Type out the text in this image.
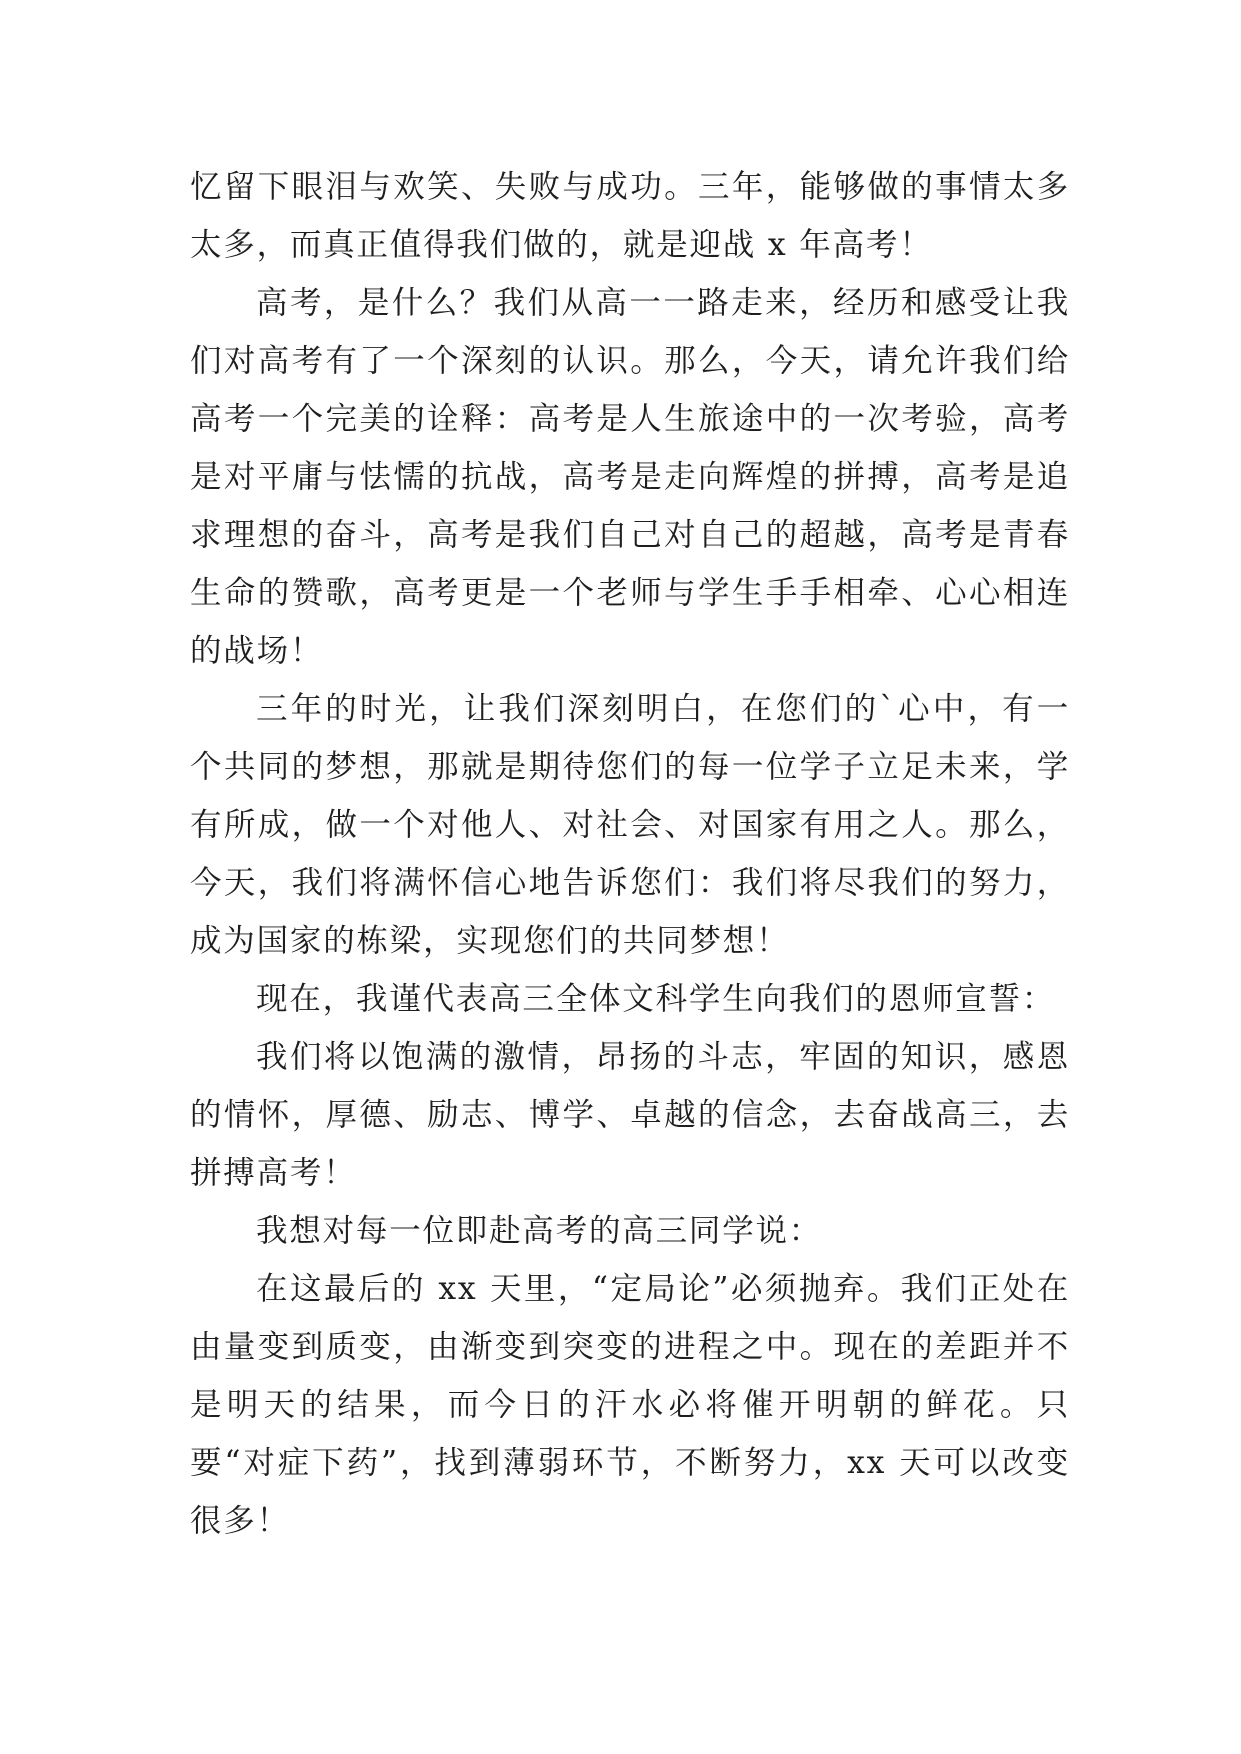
忆留下眼泪与欢笑、失败与成功。三年，能够做的事情太多太多，而真正值得我们做的，就是迎战 x 年高考！

高考，是什么？我们从高一一路走来，经历和感受让我们对高考有了一个深刻的认识。那么，今天，请允许我们给高考一个完美的诠释：高考是人生旅途中的一次考验，高考是对平庸与怯懦的抗战，高考是走向辉煌的拼搏，高考是追求理想的奋斗，高考是我们自己对自己的超越，高考是青春生命的赞歌，高考更是一个老师与学生手手相牵、心心相连的战场！

三年的时光，让我们深刻明白，在您们的`心中，有一个共同的梦想，那就是期待您们的每一位学子立足未来，学有所成，做一个对他人、对社会、对国家有用之人。那么，今天，我们将满怀信心地告诉您们：我们将尽我们的努力，成为国家的栋梁，实现您们的共同梦想！

现在，我谨代表高三全体文科学生向我们的恩师宣誓：

我们将以饱满的激情，昂扬的斗志，牢固的知识，感恩的情怀，厚德、励志、博学、卓越的信念，去奋战高三，去拼搏高考！

我想对每一位即赴高考的高三同学说：

在这最后的 xx 天里，“定局论”必须抛弃。我们正处在由量变到质变，由渐变到突变的进程之中。现在的差距并不是明天的结果，而今日的汗水必将催开明朝的鲜花。只要“对症下药”，找到薄弱环节，不断努力，xx 天可以改变很多！
